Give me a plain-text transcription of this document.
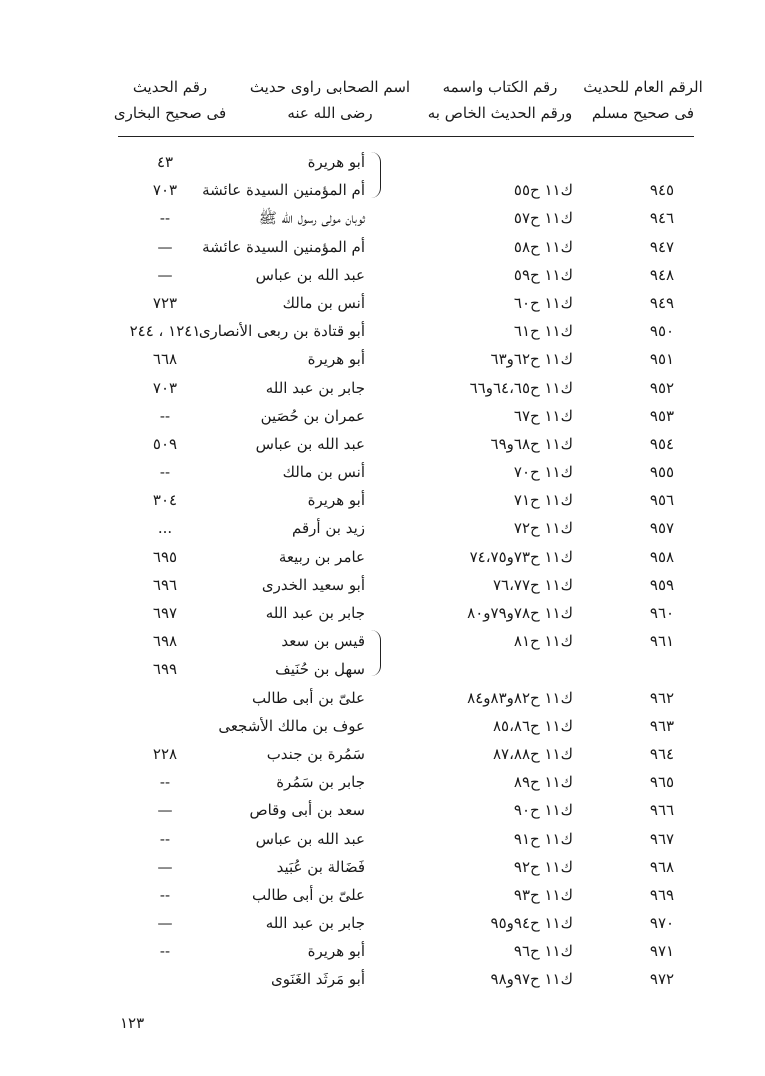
الرقم العام للحديث
فى صحيح مسلم
رقم الكتاب واسمه
ورقم الحديث الخاص به
اسم الصحابى راوى حديث
رضى الله عنه
رقم الحديث
فى صحيح البخارى
أبو هريرة
٤٣
٩٤٥
ك١١ ح٥٥
أم المؤمنين السيدة عائشة
٧٠٣
٩٤٦
ك١١ ح٥٧
ثوبان مولى رسول الله ﷺ
--
٩٤٧
ك١١ ح٥٨
أم المؤمنين السيدة عائشة
—
٩٤٨
ك١١ ح٥٩
عبد الله بن عباس
—
٩٤٩
ك١١ ح٦٠
أنس بن مالك
٧٢٣
٩٥٠
ك١١ ح٦١
أبو قتادة بن ربعى الأنصارى
١٢٤١ ، ٢٤٤
٩٥١
ك١١ ح٦٢و٦٣
أبو هريرة
٦٦٨
٩٥٢
ك١١ ح٦٤،٦٥و٦٦
جابر بن عبد الله
٧٠٣
٩٥٣
ك١١ ح٦٧
عمران بن حُصَين
--
٩٥٤
ك١١ ح٦٨و٦٩
عبد الله بن عباس
٥٠٩
٩٥٥
ك١١ ح٧٠
أنس بن مالك
--
٩٥٦
ك١١ ح٧١
أبو هريرة
٣٠٤
٩٥٧
ك١١ ح٧٢
زيد بن أرقم
...
٩٥٨
ك١١ ح٧٣و٧٤،٧٥
عامر بن ربيعة
٦٩٥
٩٥٩
ك١١ ح٧٦،٧٧
أبو سعيد الخدرى
٦٩٦
٩٦٠
ك١١ ح٧٨و٧٩و٨٠
جابر بن عبد الله
٦٩٧
٩٦١
ك١١ ح٨١
قيس بن سعد
٦٩٨
سهل بن حُنَيف
٦٩٩
٩٦٢
ك١١ ح٨٢و٨٣و٨٤
علىّ بن أبى طالب
٩٦٣
ك١١ ح٨٥،٨٦
عوف بن مالك الأشجعى
٩٦٤
ك١١ ح٨٧،٨٨
سَمُرة بن جندب
٢٢٨
٩٦٥
ك١١ ح٨٩
جابر بن سَمُرة
--
٩٦٦
ك١١ ح٩٠
سعد بن أبى وقاص
—
٩٦٧
ك١١ ح٩١
عبد الله بن عباس
--
٩٦٨
ك١١ ح٩٢
فَضَالة بن عُبَيد
—
٩٦٩
ك١١ ح٩٣
علىّ بن أبى طالب
--
٩٧٠
ك١١ ح٩٤و٩٥
جابر بن عبد الله
—
٩٧١
ك١١ ح٩٦
أبو هريرة
--
٩٧٢
ك١١ ح٩٧و٩٨
أبو مَرثَد الغَنَوى
١٢٣
